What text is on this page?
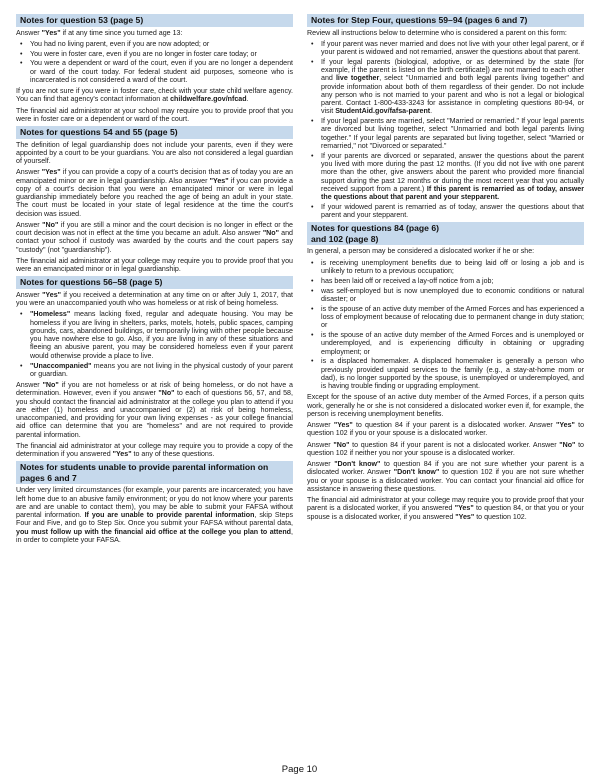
Notes for question 53 (page 5)

Answer "Yes" if at any time since you turned age 13:

• You had no living parent, even if you are now adopted; or
• You were in foster care, even if you are no longer in foster care today; or
• You were a dependent or ward of the court, even if you are no longer a dependent or ward of the court today. For federal student aid purposes, someone who is incarcerated is not considered a ward of the court.

If you are not sure if you were in foster care, check with your state child welfare agency. You can find that agency's contact information at childwelfare.gov/nfcad.

The financial aid administrator at your school may require you to provide proof that you were in foster care or a dependent or ward of the court.

Notes for questions 54 and 55 (page 5)

The definition of legal guardianship does not include your parents, even if they were appointed by a court to be your guardians. You are also not considered a legal guardian of yourself.

Answer "Yes" if you can provide a copy of a court's decision that as of today you are an emancipated minor or are in legal guardianship. Also answer "Yes" if you can provide a copy of a court's decision that you were an emancipated minor or were in legal guardianship immediately before you reached the age of being an adult in your state. The court must be located in your state of legal residence at the time the court's decision was issued.

Answer "No" if you are still a minor and the court decision is no longer in effect or the court decision was not in effect at the time you became an adult. Also answer "No" and contact your school if custody was awarded by the courts and the court papers say "custody" (not "guardianship").

The financial aid administrator at your college may require you to provide proof that you were an emancipated minor or in legal guardianship.

Notes for questions 56–58 (page 5)

Answer "Yes" if you received a determination at any time on or after July 1, 2017, that you were an unaccompanied youth who was homeless or at risk of being homeless.

• "Homeless" means lacking fixed, regular and adequate housing. You may be homeless if you are living in shelters, parks, motels, hotels, public spaces, camping grounds, cars, abandoned buildings, or temporarily living with other people because you have nowhere else to go. Also, if you are living in any of these situations and fleeing an abusive parent, you may be considered homeless even if your parent would otherwise provide a place to live.
• "Unaccompanied" means you are not living in the physical custody of your parent or guardian.

Answer "No" if you are not homeless or at risk of being homeless, or do not have a determination. However, even if you answer "No" to each of questions 56, 57, and 58, you should contact the financial aid administrator at the college you plan to attend if you are either (1) homeless and unaccompanied or (2) at risk of being homeless, unaccompanied, and providing for your own living expenses - as your college financial aid office can determine that you are "homeless" and are not required to provide parental information.

The financial aid administrator at your college may require you to provide a copy of the determination if you answered "Yes" to any of these questions.

Notes for students unable to provide parental information on pages 6 and 7

Under very limited circumstances (for example, your parents are incarcerated; you have left home due to an abusive family environment; or you do not know where your parents are and are unable to contact them), you may be able to submit your FAFSA without parental information. If you are unable to provide parental information, skip Steps Four and Five, and go to Step Six. Once you submit your FAFSA without parental data, you must follow up with the financial aid office at the college you plan to attend, in order to complete your FAFSA.

Notes for Step Four, questions 59–94 (pages 6 and 7)

Review all instructions below to determine who is considered a parent on this form:

• If your parent was never married and does not live with your other legal parent, or if your parent is widowed and not remarried, answer the questions about that parent.
• If your legal parents (biological, adoptive, or as determined by the state [for example, if the parent is listed on the birth certificate]) are not married to each other and live together, select "Unmarried and both legal parents living together" and provide information about both of them regardless of their gender. Do not include any person who is not married to your parent and who is not a legal or biological parent. Contact 1-800-433-3243 for assistance in completing questions 80-94, or visit StudentAid.gov/fafsa-parent.
• If your legal parents are married, select "Married or remarried." If your legal parents are divorced but living together, select "Unmarried and both legal parents living together." If your legal parents are separated but living together, select "Married or remarried," not "Divorced or separated."
• If your parents are divorced or separated, answer the questions about the parent you lived with more during the past 12 months. (If you did not live with one parent more than the other, give answers about the parent who provided more financial support during the past 12 months or during the most recent year that you actually received support from a parent.) If this parent is remarried as of today, answer the questions about that parent and your stepparent.
• If your widowed parent is remarried as of today, answer the questions about that parent and your stepparent.
Notes for questions 84 (page 6)
and 102 (page 8)

In general, a person may be considered a dislocated worker if he or she:

• is receiving unemployment benefits due to being laid off or losing a job and is unlikely to return to a previous occupation;
• has been laid off or received a lay-off notice from a job;
• was self-employed but is now unemployed due to economic conditions or natural disaster; or
• is the spouse of an active duty member of the Armed Forces and has experienced a loss of employment because of relocating due to permanent change in duty station; or
• is the spouse of an active duty member of the Armed Forces and is unemployed or underemployed, and is experiencing difficulty in obtaining or upgrading employment; or
• is a displaced homemaker. A displaced homemaker is generally a person who previously provided unpaid services to the family (e.g., a stay-at-home mom or dad), is no longer supported by the spouse, is unemployed or underemployed, and is having trouble finding or upgrading employment.

Except for the spouse of an active duty member of the Armed Forces, if a person quits work, generally he or she is not considered a dislocated worker even if, for example, the person is receiving unemployment benefits.

Answer "Yes" to question 84 if your parent is a dislocated worker. Answer "Yes" to question 102 if you or your spouse is a dislocated worker.

Answer "No" to question 84 if your parent is not a dislocated worker. Answer "No" to question 102 if neither you nor your spouse is a dislocated worker.

Answer "Don't know" to question 84 if you are not sure whether your parent is a dislocated worker. Answer "Don't know" to question 102 if you are not sure whether you or your spouse is a dislocated worker. You can contact your financial aid office for assistance in answering these questions.

The financial aid administrator at your college may require you to provide proof that your parent is a dislocated worker, if you answered "Yes" to question 84, or that you or your spouse is a dislocated worker, if you answered "Yes" to question 102.

Page 10
